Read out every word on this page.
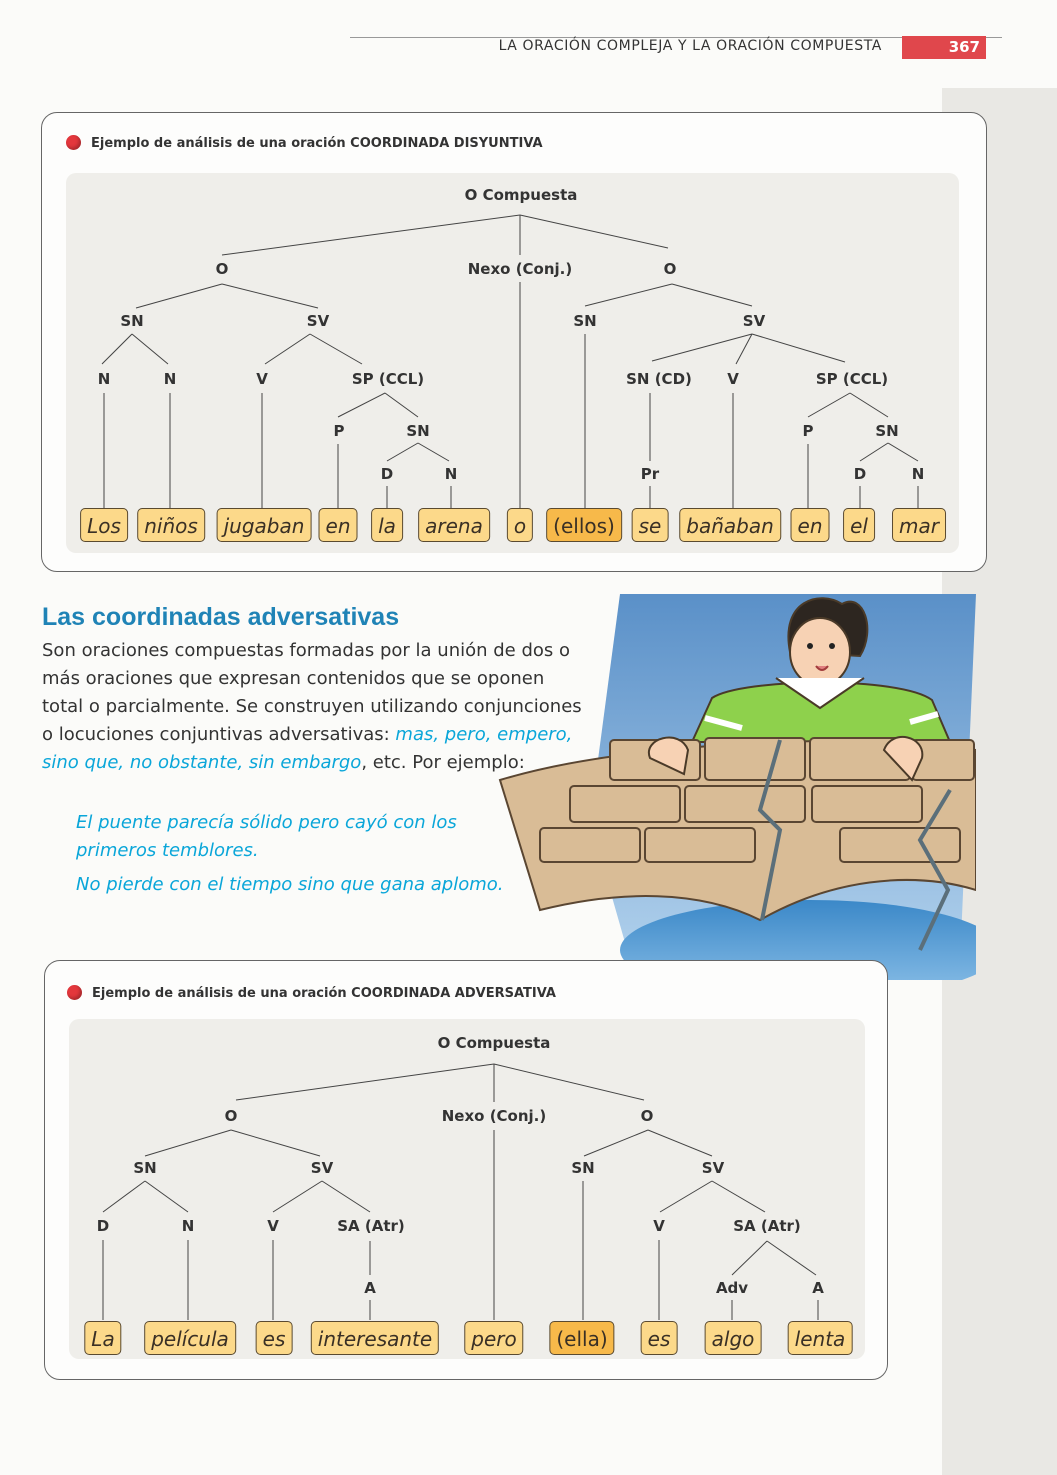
LA ORACIÓN COMPLEJA Y LA ORACIÓN COMPUESTA	367
Ejemplo de análisis de una oración COORDINADA DISYUNTIVA
O Compuesta
O	Nexo (Conj.)	O
SN	SV	SN	SV
N	N	V	SP (CCL)	SN (CD) V	SP (CCL)
P	SN	P	SN
D	N	Pr	D	N
Los	niños	jugaban	en	la	arena	o	(ellos)	se	bañaban	en	el	mar
Las coordinadas adversativas
Son oraciones compuestas formadas por la unión de dos o más oraciones que expresan contenidos que se oponen total o parcialmente. Se construyen utilizando conjunciones o locuciones conjuntivas adversativas: mas, pero, empero, sino que, no obstante, sin embargo, etc. Por ejemplo:

El puente parecía sólido pero cayó con los primeros temblores.

No pierde con el tiempo sino que gana aplomo.

Ejemplo de análisis de una oración COORDINADA ADVERSATIVA
O Compuesta
O	Nexo (Conj.)	O
SN	SV	SN	SV
D	N	V	SA (Atr)	V	SA (Atr)
A	Adv	A
La	película	es	interesante	pero	(ella)	es	algo	lenta
